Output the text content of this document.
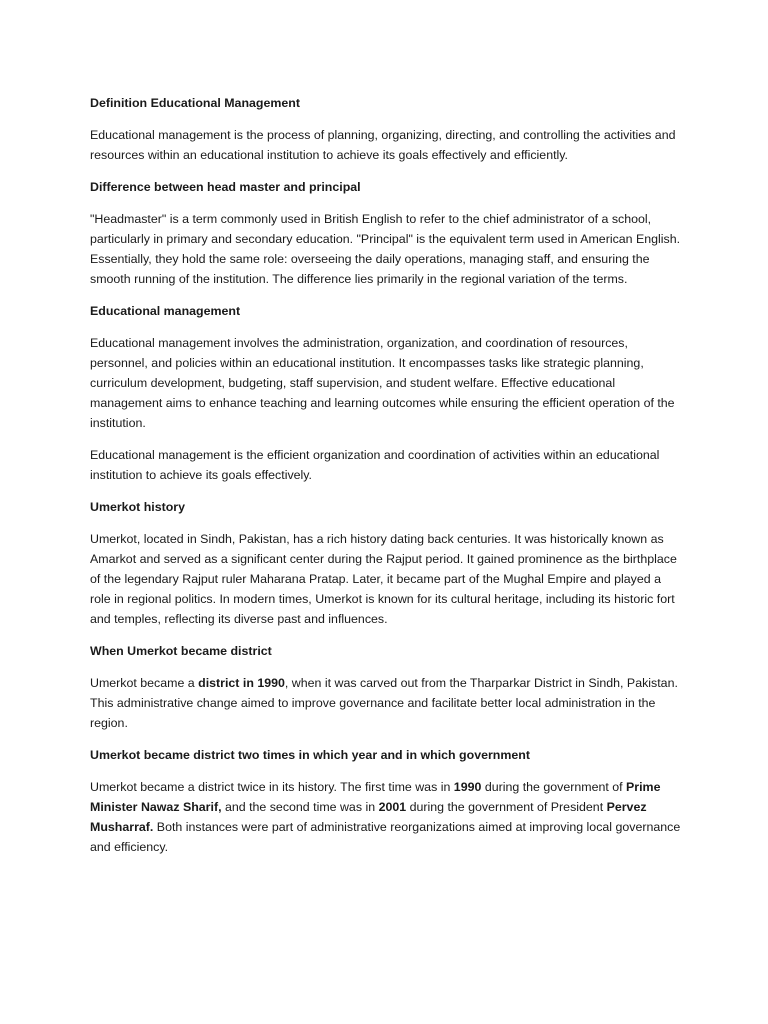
Definition Educational Management

Educational management is the process of planning, organizing, directing, and controlling the activities and resources within an educational institution to achieve its goals effectively and efficiently.

Difference between head master and principal

"Headmaster" is a term commonly used in British English to refer to the chief administrator of a school, particularly in primary and secondary education. "Principal" is the equivalent term used in American English. Essentially, they hold the same role: overseeing the daily operations, managing staff, and ensuring the smooth running of the institution. The difference lies primarily in the regional variation of the terms.

Educational management

Educational management involves the administration, organization, and coordination of resources, personnel, and policies within an educational institution. It encompasses tasks like strategic planning, curriculum development, budgeting, staff supervision, and student welfare. Effective educational management aims to enhance teaching and learning outcomes while ensuring the efficient operation of the institution.

Educational management is the efficient organization and coordination of activities within an educational institution to achieve its goals effectively.

Umerkot history

Umerkot, located in Sindh, Pakistan, has a rich history dating back centuries. It was historically known as Amarkot and served as a significant center during the Rajput period. It gained prominence as the birthplace of the legendary Rajput ruler Maharana Pratap. Later, it became part of the Mughal Empire and played a role in regional politics. In modern times, Umerkot is known for its cultural heritage, including its historic fort and temples, reflecting its diverse past and influences.

When Umerkot became district

Umerkot became a district in 1990, when it was carved out from the Tharparkar District in Sindh, Pakistan. This administrative change aimed to improve governance and facilitate better local administration in the region.

Umerkot became district two times in which year and in which government

Umerkot became a district twice in its history. The first time was in 1990 during the government of Prime Minister Nawaz Sharif, and the second time was in 2001 during the government of President Pervez Musharraf. Both instances were part of administrative reorganizations aimed at improving local governance and efficiency.
